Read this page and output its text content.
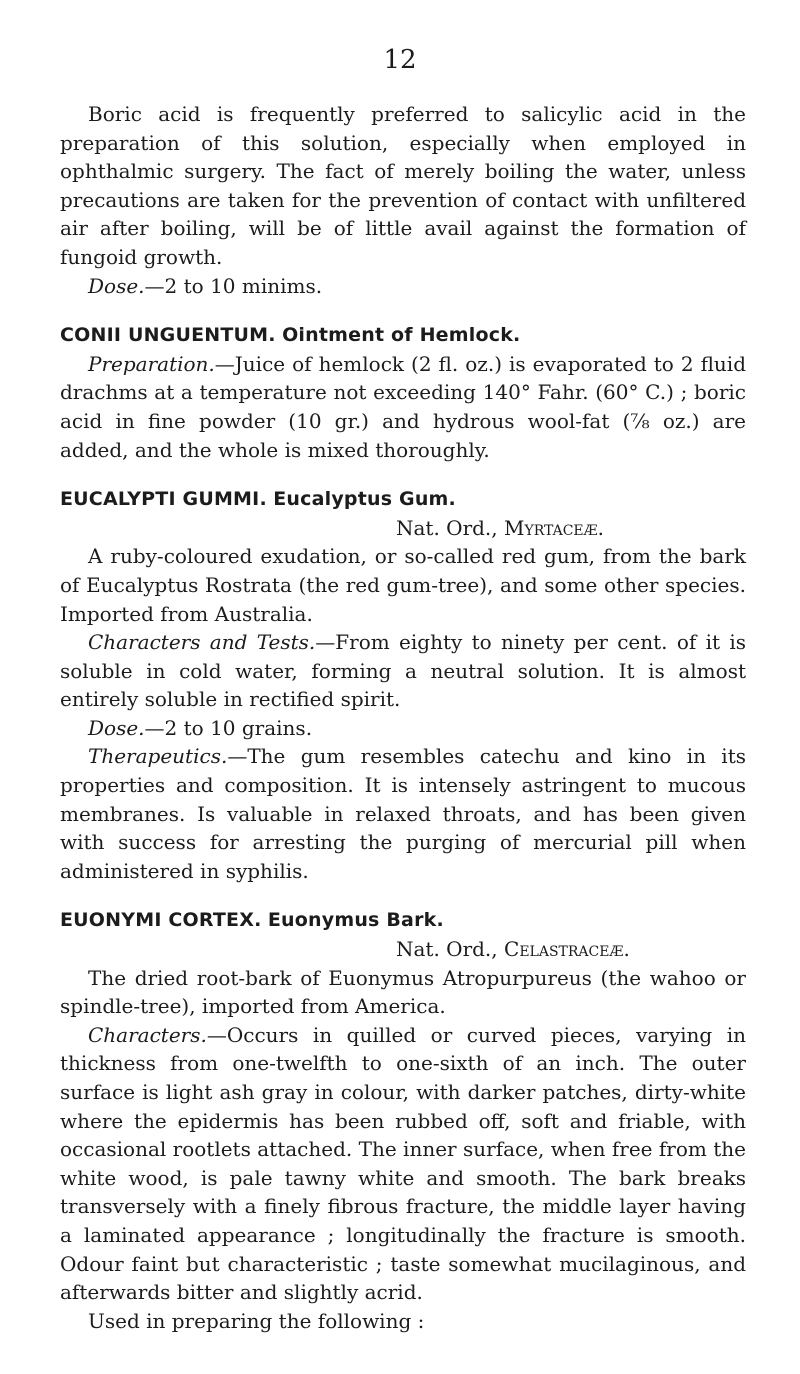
12

Boric acid is frequently preferred to salicylic acid in the preparation of this solution, especially when employed in ophthalmic surgery. The fact of merely boiling the water, unless precautions are taken for the prevention of contact with unfiltered air after boiling, will be of little avail against the formation of fungoid growth.

Dose.—2 to 10 minims.

CONII UNGUENTUM. Ointment of Hemlock.

Preparation.—Juice of hemlock (2 fl. oz.) is evaporated to 2 fluid drachms at a temperature not exceeding 140° Fahr. (60° C.) ; boric acid in fine powder (10 gr.) and hydrous wool-fat (⅞ oz.) are added, and the whole is mixed thoroughly.

EUCALYPTI GUMMI. Eucalyptus Gum.

Nat. Ord., Myrtaceæ.

A ruby-coloured exudation, or so-called red gum, from the bark of Eucalyptus Rostrata (the red gum-tree), and some other species. Imported from Australia.

Characters and Tests.—From eighty to ninety per cent. of it is soluble in cold water, forming a neutral solution. It is almost entirely soluble in rectified spirit.

Dose.—2 to 10 grains.

Therapeutics.—The gum resembles catechu and kino in its properties and composition. It is intensely astringent to mucous membranes. Is valuable in relaxed throats, and has been given with success for arresting the purging of mercurial pill when administered in syphilis.

EUONYMI CORTEX. Euonymus Bark.

Nat. Ord., Celastraceæ.

The dried root-bark of Euonymus Atropurpureus (the wahoo or spindle-tree), imported from America.

Characters.—Occurs in quilled or curved pieces, varying in thickness from one-twelfth to one-sixth of an inch. The outer surface is light ash gray in colour, with darker patches, dirty-white where the epidermis has been rubbed off, soft and friable, with occasional rootlets attached. The inner surface, when free from the white wood, is pale tawny white and smooth. The bark breaks transversely with a finely fibrous fracture, the middle layer having a laminated appearance ; longitudinally the fracture is smooth. Odour faint but characteristic ; taste somewhat mucilaginous, and afterwards bitter and slightly acrid.

Used in preparing the following :
